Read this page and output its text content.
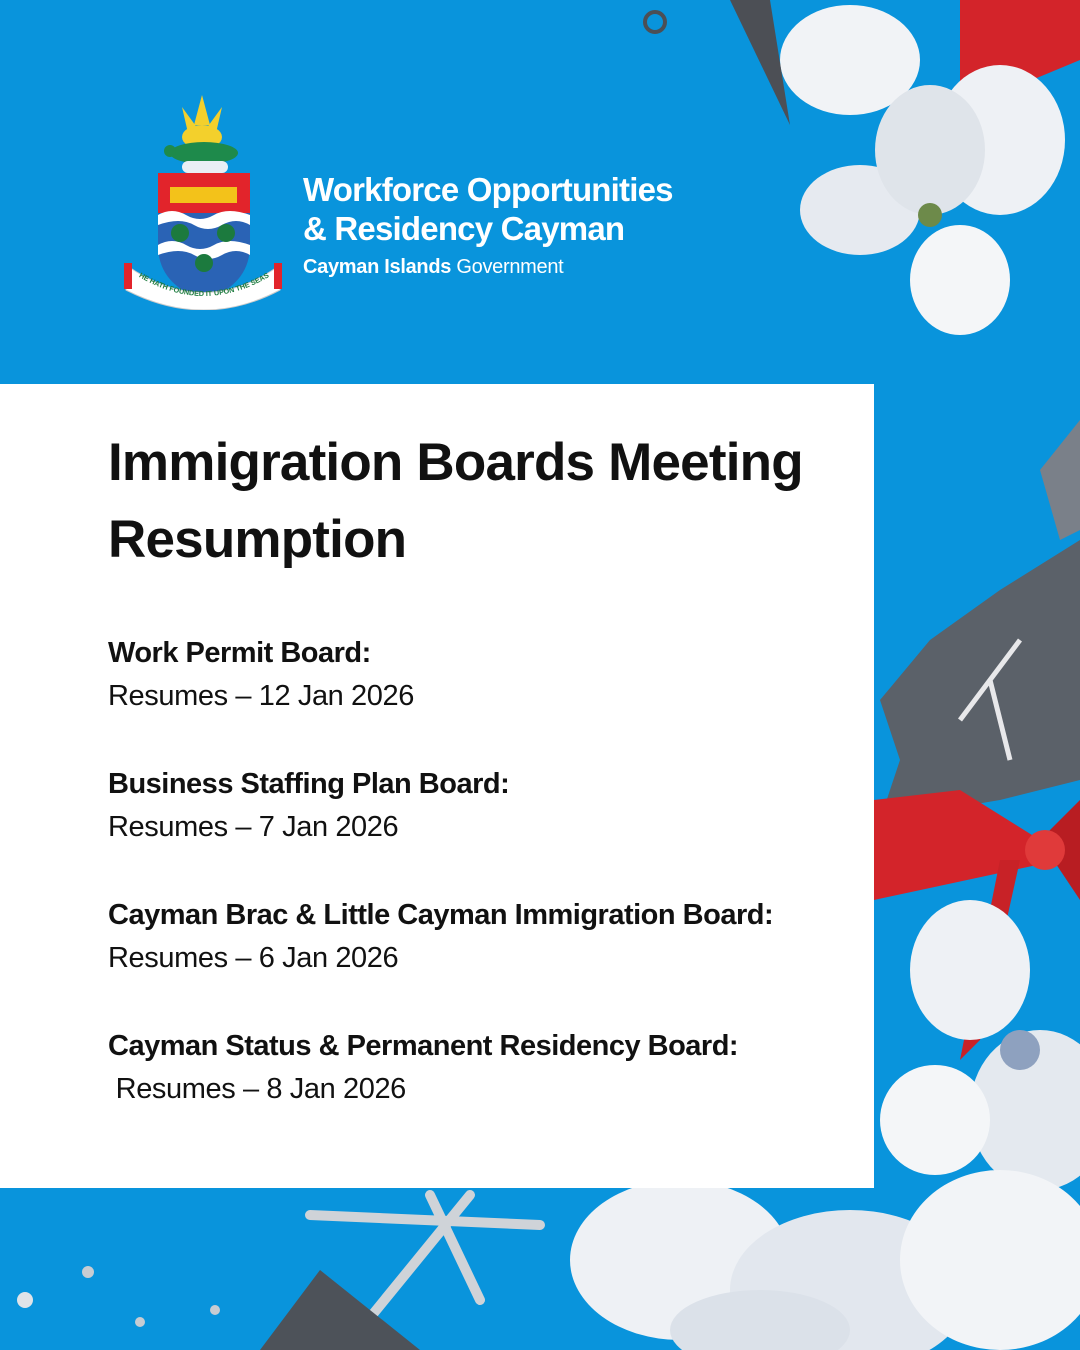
HE HATH FOUNDED IT UPON THE SEAS
Workforce Opportunities
& Residency Cayman
Cayman Islands Government
Immigration Boards Meeting Resumption
Work Permit Board:
Resumes – 12 Jan 2026
Business Staffing Plan Board:
Resumes – 7 Jan 2026
Cayman Brac & Little Cayman Immigration Board:
Resumes – 6 Jan 2026
Cayman Status & Permanent Residency Board:
Resumes – 8 Jan 2026
